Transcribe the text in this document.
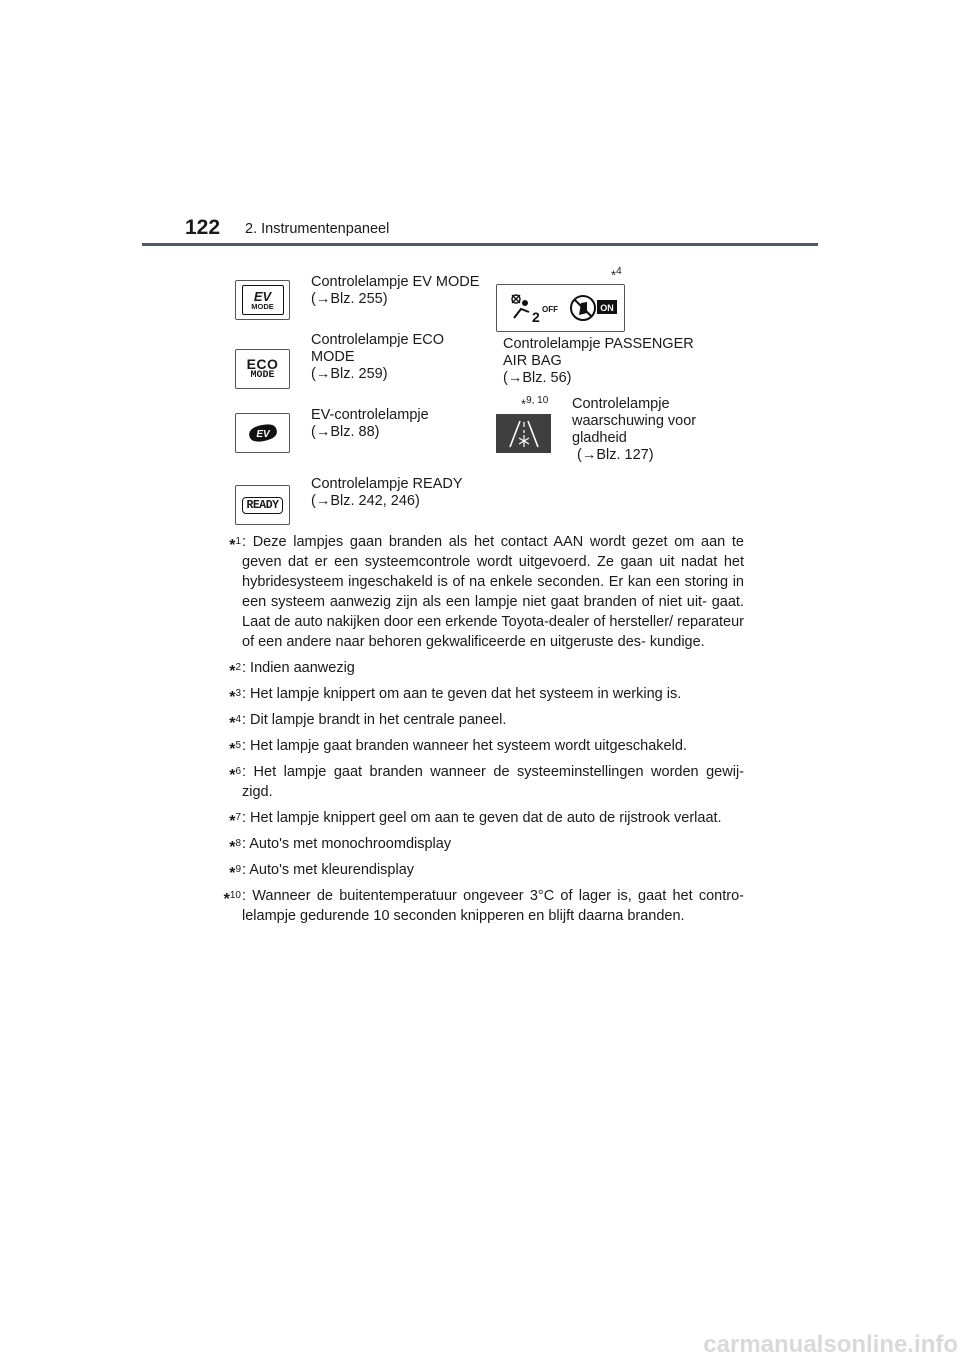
122 2. Instrumentenpaneel
EV
MODE
Controlelampje EV MODE
(→Blz. 255)
ECO
MODE
Controlelampje ECO
MODE
(→Blz. 259)
EV
EV-controlelampje
(→Blz. 88)
READY
Controlelampje READY
(→Blz. 242, 246)
*$^4$
2 OFF	ON
Controlelampje PASSENGER
AIR BAG
(→Blz. 56)
*$^{9, 10}$ Controlelampje
waarschuwing voor
gladheid
(→Blz. 127)
*$^1$ : Deze lampjes gaan branden als het contact AAN wordt gezet om aan te geven dat er een systeemcontrole wordt uitgevoerd. Ze gaan uit nadat het hybridesysteem ingeschakeld is of na enkele seconden. Er kan een storing in een systeem aanwezig zijn als een lampje niet gaat branden of niet uit- gaat. Laat de auto nakijken door een erkende Toyota-dealer of hersteller/ reparateur of een andere naar behoren gekwalificeerde en uitgeruste des- kundige.
*$^2$ : Indien aanwezig
*$^3$ : Het lampje knippert om aan te geven dat het systeem in werking is.
*$^4$ : Dit lampje brandt in het centrale paneel.
*$^5$ : Het lampje gaat branden wanneer het systeem wordt uitgeschakeld.
*$^6$ : Het lampje gaat branden wanneer de systeeminstellingen worden gewij- zigd.
*$^7$ : Het lampje knippert geel om aan te geven dat de auto de rijstrook verlaat.
*$^8$ : Auto's met monochroomdisplay
*$^9$ : Auto's met kleurendisplay
*$^{10}$ : Wanneer de buitentemperatuur ongeveer 3°C of lager is, gaat het contro- lelampje gedurende 10 seconden knipperen en blijft daarna branden.
carmanualsonline.info
